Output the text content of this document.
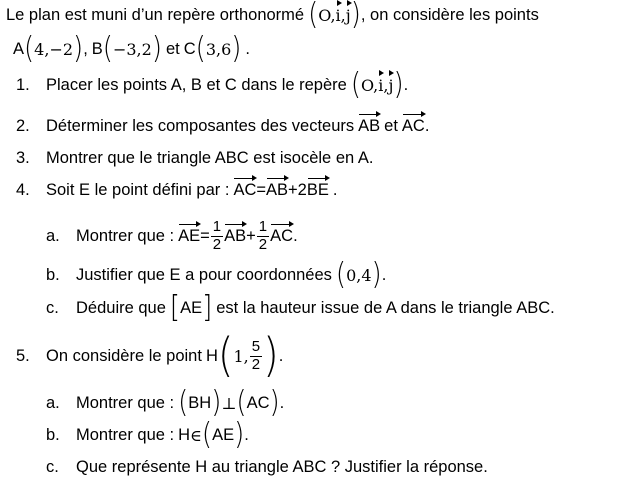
Le plan est muni d’un repère orthonormé ( O, i , j ) , on considère les points
A ( 4,−2 ) , B ( −3,2 ) et C ( 3,6 ) .
1. Placer les points A, B et C dans le repère ( O, i , j ) .
2. Déterminer les composantes des vecteurs AB et AC .
3. Montrer que le triangle ABC est isocèle en A.
4. Soit E le point défini par : AC = AB + 2 BE .
a. Montrer que : AE = $\frac{1}{2}$ AB + $\frac{1}{2}$ AC .
b. Justifier que E a pour coordonnées ( 0,4 ) .
c.	Déduire que [ AE ] est la hauteur issue de A dans le triangle ABC.
5. On considère le point H ( 1, $\frac{5}{2}$ ) .
a. Montrer que : ( BH ) ⊥ ( AC ) .
b. Montrer que : H ∈ ( AE ) .
c.	Que représente H au triangle ABC ? Justifier la réponse.
